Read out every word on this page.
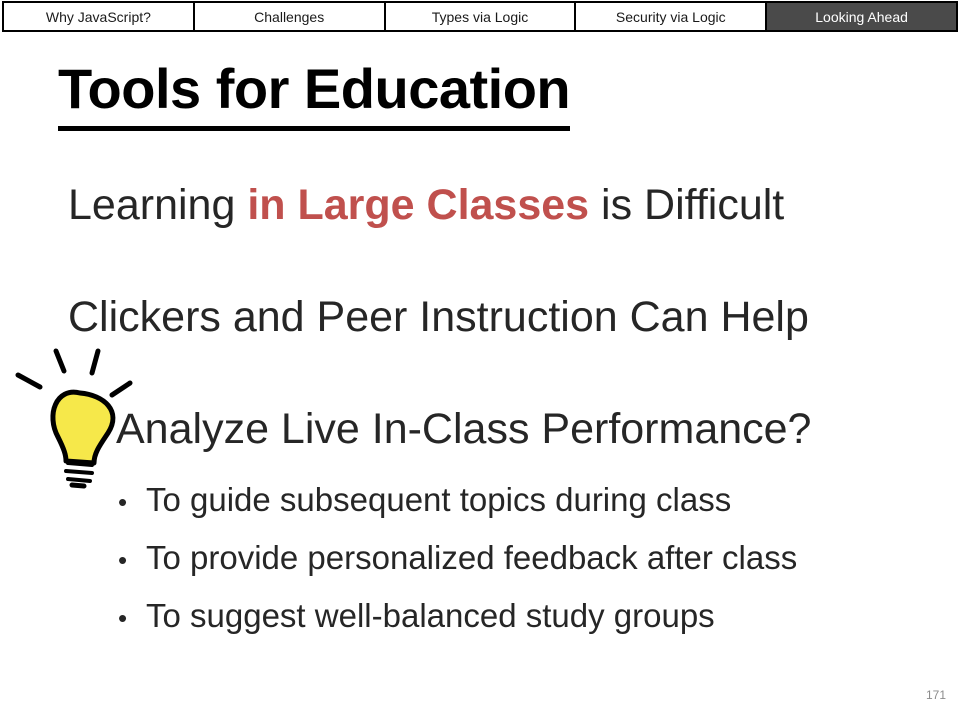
Why JavaScript?	Challenges	Types via Logic	Security via Logic	Looking Ahead
Tools for Education
Learning in Large Classes is Difficult
Clickers and Peer Instruction Can Help
Analyze Live In-Class Performance?
• To guide subsequent topics during class
• To provide personalized feedback after class
• To suggest well-balanced study groups
171
